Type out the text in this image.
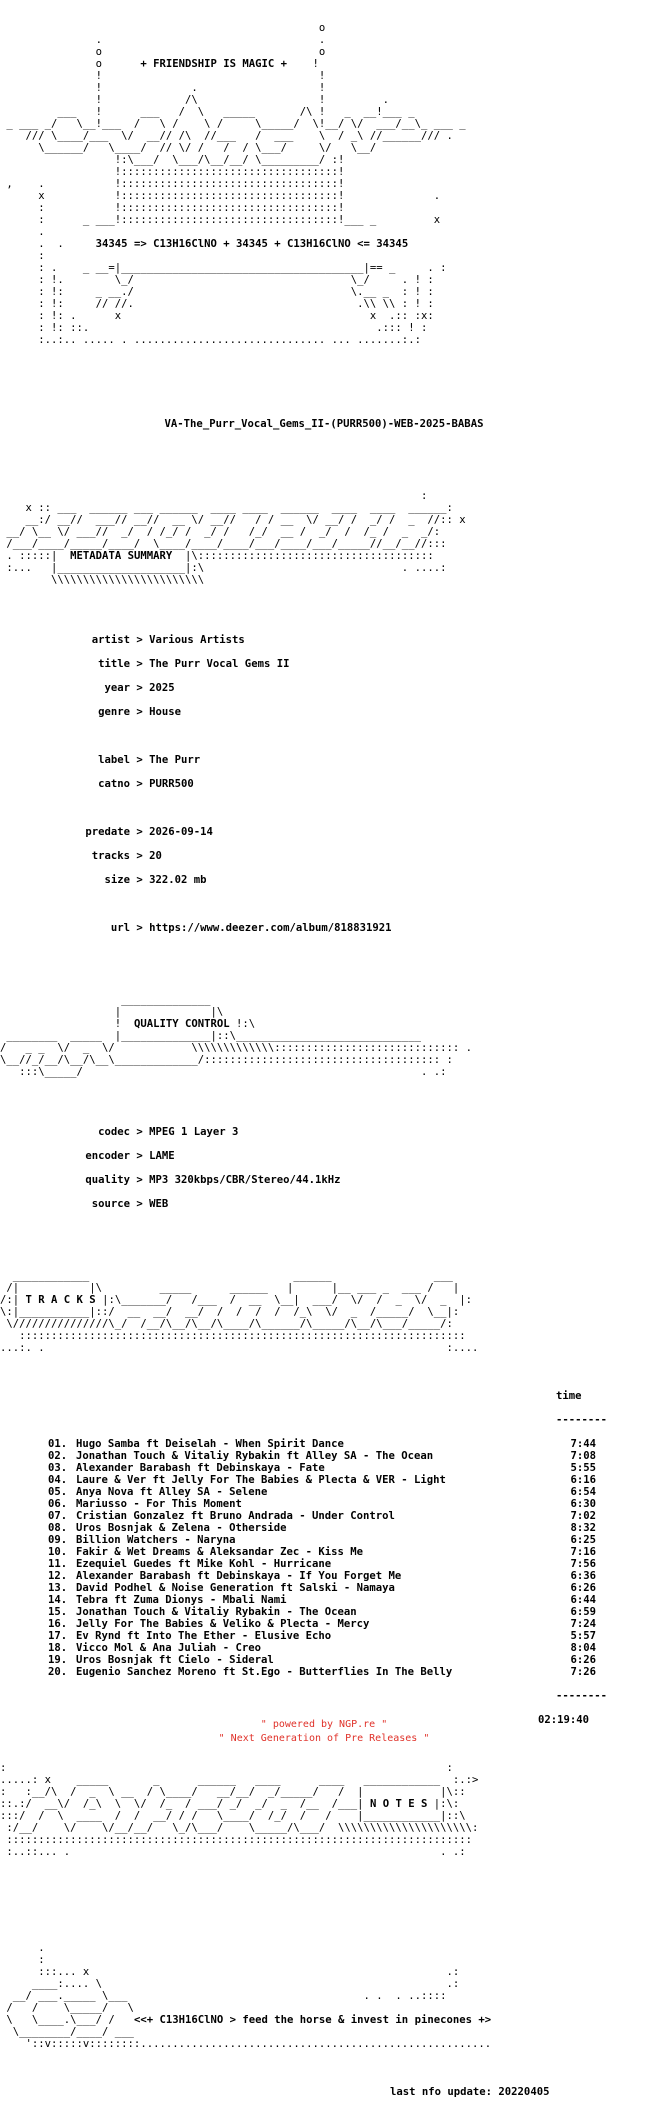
o
.                                  .
o                                  o
o	+ FRIENDSHIP IS MAGIC +    !
!                                  !
!              .                   !
!             /\                   !         .
___   !      ___   /  \   _____       /\ !   _  __!___ _
_ ___ _/   \__!___  /   \ /    \ /     \_____/  \!__/ \/  ___/__\_ ___ _
/// \____/___  \/  __// /\  //___   /  ___    \  / _\ //______/// .
\______/   \____/  // \/ /   /  / \___/     \/   \__/
!:\___/  \___/\__/__/ \_________/ :!
!::::::::::::::::::::::::::::::::::!
,    .           !::::::::::::::::::::::::::::::::::!
x           !::::::::::::::::::::::::::::::::::!              .
:           !::::::::::::::::::::::::::::::::::!
:      _ ___!::::::::::::::::::::::::::::::::::!___ _         x
.
.  .	34345 => C13H16ClNO + 34345 + C13H16ClNO <= 34345
:
: .    _ __=|______________________________________|== _     . :
: !.        \_/                                  \_/     . ! :
: !:     _ __./                                  \.__ _  : ! :
: !:     // //.                                   .\\ \\ : ! :
: !: .      x                                       x  .:: :x:
: !: ::.                                             .::: ! :
:..:.. ..... . .............................. ... .......:.:

VA-The_Purr_Vocal_Gems_II-(PURR500)-WEB-2025-BABAS

:
x :: ___  ______ ___ ______  ____ ____  ______  ____  ____  ______:
__:/ __//  ___// __//  __ \/ __//   / / __  \/ __/ /  _/ /  _  //:: x
__/ \__ \/ ___//  _/  / /_/ /  _/ /   /_/  __ /  _/  /  /_ /  _  _/:
/___/____/_____/____/  \____/____/____/___/____/___/_____//__/__//:::
. :::::|  METADATA SUMMARY  |\:::::::::::::::::::::::::::::::::::::
:...   |____________________|:\                               . ....:
\\\\\\\\\\\\\\\\\\\\\\\\

artist > Various Artists

title > The Purr Vocal Gems II

year > 2025

genre > House

label > The Purr

catno > PURR500

predate > 2026-09-14

tracks > 20

size > 322.02 mb

url > https://www.deezer.com/album/818831921

______________
|              |\
!  QUALITY CONTROL !:\
________  _____  |______________|::\_____________________________
/   _ _  \/  _  \/            \\\\\\\\\\\\\::::::::::::::::::::::::::::: .
\__//_/__/\__/\__\_____________/::::::::::::::::::::::::::::::::::::: :
:::\_____/                                                     . .:

codec > MPEG 1 Layer 3

encoder > LAME

quality > MP3 320kbps/CBR/Stereo/44.1kHz

source > WEB

____________                                ______                ___
/|           |\         _____      ______   |      |__ ___ _  ___ /   |
/:| T R A C K S |:\_______/   /___  /  __  \__|  ___/  \/  /  _  \/  _  |:
\:|___________|::/  __  __/  __/  /  /  /  /  /_\  \/  _  /_____/  \__|:
\///////////////\_/  /__/\__/\__/\____/\______/\_____/\__/\___/_____/:
::::::::::::::::::::::::::::::::::::::::::::::::::::::::::::::::::::::
...:. .                                                               :....

time

--------

01. Hugo Samba ft Deiselah - When Spirit Dance	7:44
02. Jonathan Touch & Vitaliy Rybakin ft Alley SA - The Ocean	7:08
03. Alexander Barabash ft Debinskaya - Fate	5:55
04. Laure & Ver ft Jelly For The Babies & Plecta & VER - Light	6:16
05. Anya Nova ft Alley SA - Selene	6:54
06. Mariusso - For This Moment	6:30
07. Cristian Gonzalez ft Bruno Andrada - Under Control	7:02
08. Uros Bosnjak & Zelena - Otherside	8:32
09. Billion Watchers - Naryna	6:25
10. Fakir & Wet Dreams & Aleksandar Zec - Kiss Me	7:16
11. Ezequiel Guedes ft Mike Kohl - Hurricane	7:56
12. Alexander Barabash ft Debinskaya - If You Forget Me	6:36
13. David Podhel & Noise Generation ft Salski - Namaya	6:26
14. Tebra ft Zuma Dionys - Mbali Nami	6:44
15. Jonathan Touch & Vitaliy Rybakin - The Ocean	6:59
16. Jelly For The Babies & Veliko & Plecta - Mercy	7:24
17. Ev Rynd ft Into The Ether - Elusive Echo	5:57
18. Vicco Mol & Ana Juliah - Creo	8:04
19. Uros Bosnjak ft Cielo - Sideral	6:26
20. Eugenio Sanchez Moreno ft St.Ego - Butterflies In The Belly	7:26

--------

02:19:40

:                                                                     :
.....: x    _____       _      ______   ____      ____   ____________  :.:>
:   :__/\  /  _  \ __  / \____/   __/__/  _/_____/   /  |            |\::
::.:/  __\/  /_\  \  \/  /_  / ___/ _/  _/  _  /__  /___| N O T E S |:\:
:::/  /  \  ____  /  /  __/ / /   \____/  /_/  /   /    |____________|::\
:/__/    \/    \/__/__/   \_/\___/    \_____/\___/  \\\\\\\\\\\\\\\\\\\\\:
:::::::::::::::::::::::::::::::::::::::::::::::::::::::::::::::::::::::::
:..::... .                                                          . .:

.
:
:::... x                                                        .:
____:.... \                                                      .:
__/ ___._____ \___                                     . .  . ..::::
/   /    \_____/   \
\   \____.\___/ /   <<+ C13H16ClNO > feed the horse & invest in pinecones +>
\________/____/ ___
'::v:::::v::::::::.......................................................

last nfo update: 20220405

" powered by NGP.re "
" Next Generation of Pre Releases "
